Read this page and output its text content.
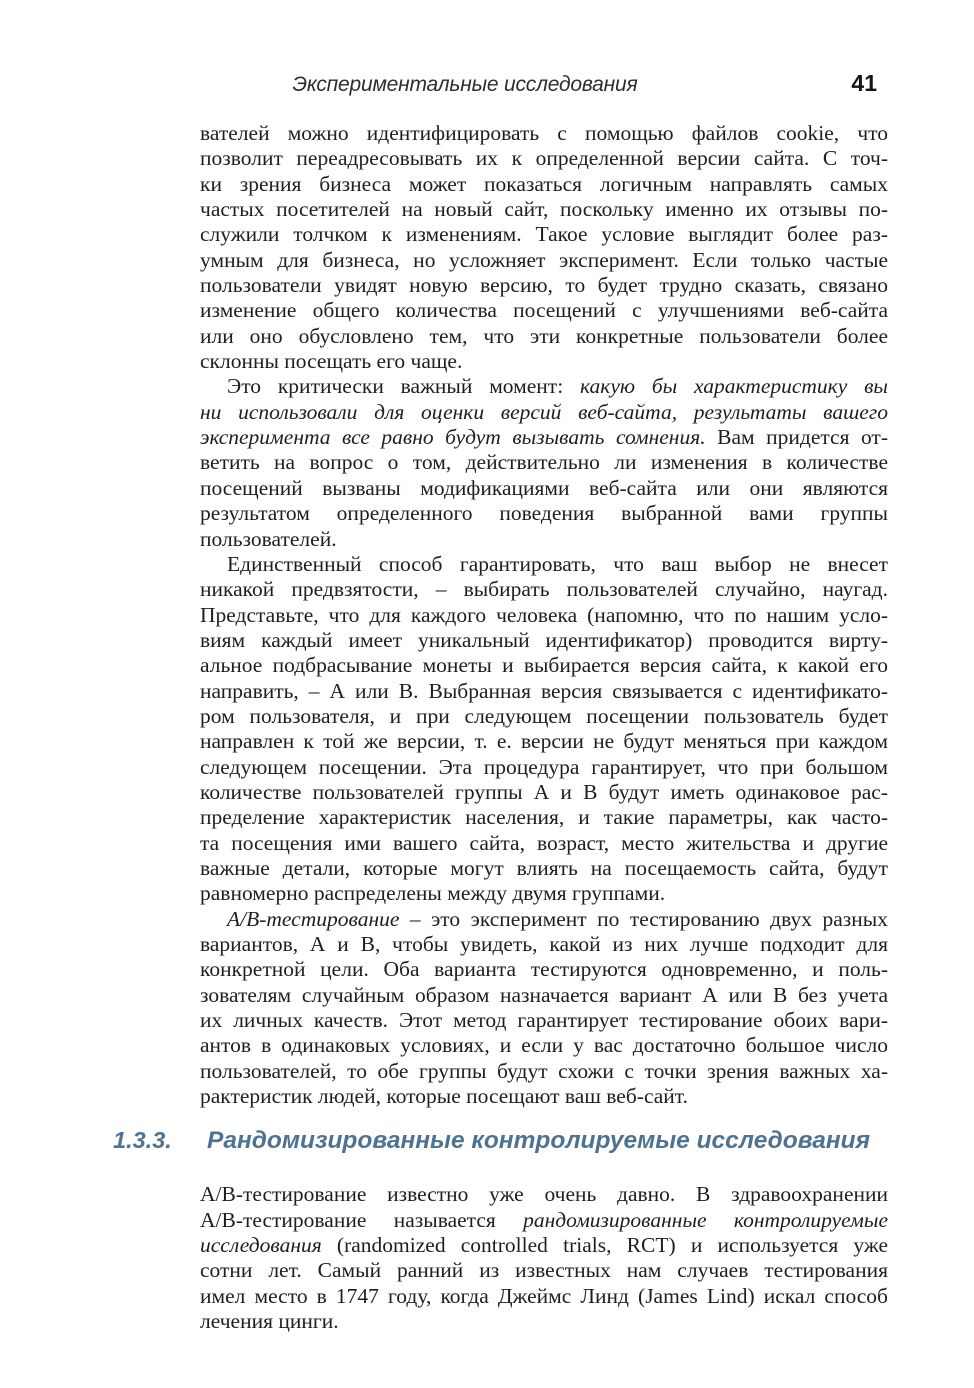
Экспериментальные исследования	41
вателей можно идентифицировать с помощью файлов cookie, что
позволит переадресовывать их к определенной версии сайта. С точ-
ки зрения бизнеса может показаться логичным направлять самых
частых посетителей на новый сайт, поскольку именно их отзывы по-
служили толчком к изменениям. Такое условие выглядит более раз-
умным для бизнеса, но усложняет эксперимент. Если только частые
пользователи увидят новую версию, то будет трудно сказать, связано
изменение общего количества посещений с улучшениями веб-сайта
или оно обусловлено тем, что эти конкретные пользователи более
склонны посещать его чаще.
Это критически важный момент: какую бы характеристику вы
ни использовали для оценки версий веб-сайта, результаты вашего
эксперимента все равно будут вызывать сомнения. Вам придется от-
ветить на вопрос о том, действительно ли изменения в количестве
посещений вызваны модификациями веб-сайта или они являются
результатом определенного поведения выбранной вами группы
пользователей.
Единственный способ гарантировать, что ваш выбор не внесет
никакой предвзятости, – выбирать пользователей случайно, наугад.
Представьте, что для каждого человека (напомню, что по нашим усло-
виям каждый имеет уникальный идентификатор) проводится вирту-
альное подбрасывание монеты и выбирается версия сайта, к какой его
направить, – А или В. Выбранная версия связывается с идентификато-
ром пользователя, и при следующем посещении пользователь будет
направлен к той же версии, т. е. версии не будут меняться при каждом
следующем посещении. Эта процедура гарантирует, что при большом
количестве пользователей группы А и В будут иметь одинаковое рас-
пределение характеристик населения, и такие параметры, как часто-
та посещения ими вашего сайта, возраст, место жительства и другие
важные детали, которые могут влиять на посещаемость сайта, будут
равномерно распределены между двумя группами.
А/В-тестирование – это эксперимент по тестированию двух разных
вариантов, А и В, чтобы увидеть, какой из них лучше подходит для
конкретной цели. Оба варианта тестируются одновременно, и поль-
зователям случайным образом назначается вариант А или В без учета
их личных качеств. Этот метод гарантирует тестирование обоих вари-
антов в одинаковых условиях, и если у вас достаточно большое число
пользователей, то обе группы будут схожи с точки зрения важных ха-
рактеристик людей, которые посещают ваш веб-сайт.
1.3.3. Рандомизированные контролируемые исследования
А/В-тестирование известно уже очень давно. В здравоохранении
А/В-тестирование называется рандомизированные контролируемые
исследования (randomized controlled trials, RCT) и используется уже
сотни лет. Самый ранний из известных нам случаев тестирования
имел место в 1747 году, когда Джеймс Линд (James Lind) искал способ
лечения цинги.
